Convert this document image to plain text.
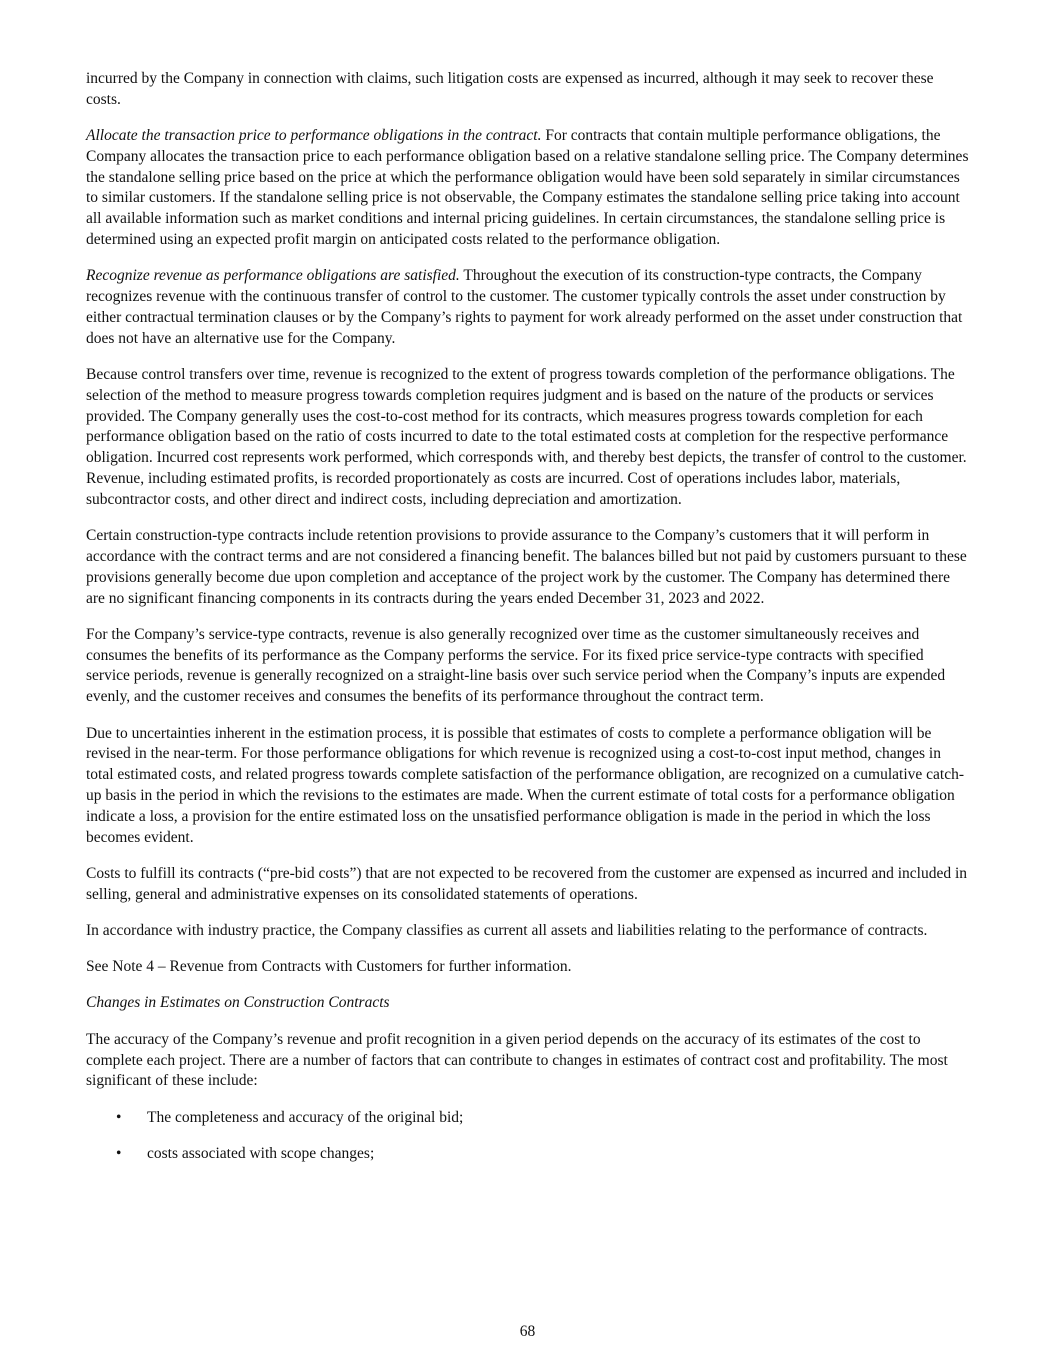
incurred by the Company in connection with claims, such litigation costs are expensed as incurred, although it may seek to recover these costs.

Allocate the transaction price to performance obligations in the contract. For contracts that contain multiple performance obligations, the Company allocates the transaction price to each performance obligation based on a relative standalone selling price. The Company determines the standalone selling price based on the price at which the performance obligation would have been sold separately in similar circumstances to similar customers. If the standalone selling price is not observable, the Company estimates the standalone selling price taking into account all available information such as market conditions and internal pricing guidelines. In certain circumstances, the standalone selling price is determined using an expected profit margin on anticipated costs related to the performance obligation.

Recognize revenue as performance obligations are satisfied. Throughout the execution of its construction-type contracts, the Company recognizes revenue with the continuous transfer of control to the customer. The customer typically controls the asset under construction by either contractual termination clauses or by the Company’s rights to payment for work already performed on the asset under construction that does not have an alternative use for the Company.

Because control transfers over time, revenue is recognized to the extent of progress towards completion of the performance obligations. The selection of the method to measure progress towards completion requires judgment and is based on the nature of the products or services provided. The Company generally uses the cost-to-cost method for its contracts, which measures progress towards completion for each performance obligation based on the ratio of costs incurred to date to the total estimated costs at completion for the respective performance obligation. Incurred cost represents work performed, which corresponds with, and thereby best depicts, the transfer of control to the customer. Revenue, including estimated profits, is recorded proportionately as costs are incurred. Cost of operations includes labor, materials, subcontractor costs, and other direct and indirect costs, including depreciation and amortization.

Certain construction-type contracts include retention provisions to provide assurance to the Company’s customers that it will perform in accordance with the contract terms and are not considered a financing benefit. The balances billed but not paid by customers pursuant to these provisions generally become due upon completion and acceptance of the project work by the customer. The Company has determined there are no significant financing components in its contracts during the years ended December 31, 2023 and 2022.

For the Company’s service-type contracts, revenue is also generally recognized over time as the customer simultaneously receives and consumes the benefits of its performance as the Company performs the service. For its fixed price service-type contracts with specified service periods, revenue is generally recognized on a straight-line basis over such service period when the Company’s inputs are expended evenly, and the customer receives and consumes the benefits of its performance throughout the contract term.

Due to uncertainties inherent in the estimation process, it is possible that estimates of costs to complete a performance obligation will be revised in the near-term. For those performance obligations for which revenue is recognized using a cost-to-cost input method, changes in total estimated costs, and related progress towards complete satisfaction of the performance obligation, are recognized on a cumulative catch-up basis in the period in which the revisions to the estimates are made. When the current estimate of total costs for a performance obligation indicate a loss, a provision for the entire estimated loss on the unsatisfied performance obligation is made in the period in which the loss becomes evident.

Costs to fulfill its contracts (“pre-bid costs”) that are not expected to be recovered from the customer are expensed as incurred and included in selling, general and administrative expenses on its consolidated statements of operations.

In accordance with industry practice, the Company classifies as current all assets and liabilities relating to the performance of contracts.

See Note 4 – Revenue from Contracts with Customers for further information.

Changes in Estimates on Construction Contracts

The accuracy of the Company’s revenue and profit recognition in a given period depends on the accuracy of its estimates of the cost to complete each project. There are a number of factors that can contribute to changes in estimates of contract cost and profitability. The most significant of these include:

• The completeness and accuracy of the original bid;
• costs associated with scope changes;
68
